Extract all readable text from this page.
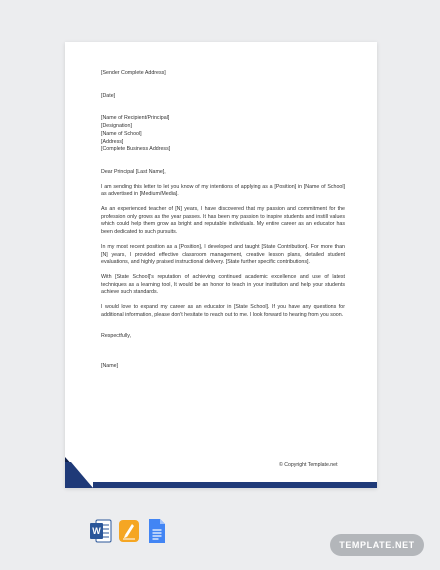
[Sender Complete Address]

[Date]

[Name of Recipient/Principal]
[Designation]
[Name of School]
[Address]
[Complete Business Address]

Dear Principal [Last Name],

I am sending this letter to let you know of my intentions of applying as a [Position] in [Name of School] as advertised in [Medium/Media].

As an experienced teacher of [N] years, I have discovered that my passion and commitment for the profession only grows as the year passes. It has been my passion to inspire students and instill values which could help them grow as bright and reputable individuals. My entire career as an educator has been dedicated to such pursuits.

In my most recent position as a [Position], I developed and taught [State Contribution]. For more than [N] years, I provided effective classroom management, creative lesson plans, detailed student evaluations, and highly praised instructional delivery. [State further specific contributions].

With [State School]'s reputation of achieving continued academic excellence and use of latest techniques as a learning tool, It would be an honor to teach in your institution and help your students achieve such standards.

I would love to expand my career as an educator in [State School]. If you have any questions for additional information, please don't hesitate to reach out to me. I look forward to hearing from you soon.

Respectfully,

[Name]

© Copyright Template.net
W
TEMPLATE.NET
